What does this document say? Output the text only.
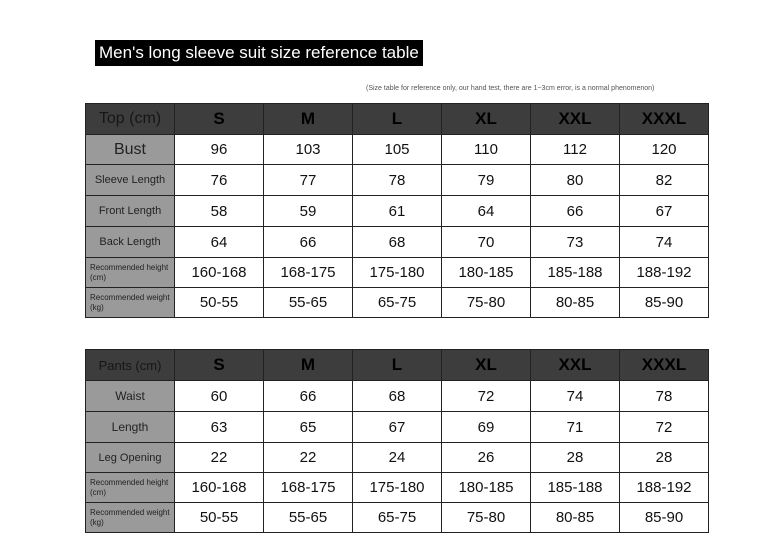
Men's long sleeve suit size reference table
(Size table for reference only, our hand test, there are 1~3cm error, is a normal phenomenon)
Top (cm)	S	M	L	XL	XXL	XXXL
Bust	96	103	105	110	112	120
Sleeve Length	76	77	78	79	80	82
Front Length	58	59	61	64	66	67
Back Length	64	66	68	70	73	74
Recommended height (cm)	160-168	168-175	175-180	180-185	185-188	188-192
Recommended weight (kg)	50-55	55-65	65-75	75-80	80-85	85-90
Pants (cm)	S	M	L	XL	XXL	XXXL
Waist	60	66	68	72	74	78
Length	63	65	67	69	71	72
Leg Opening	22	22	24	26	28	28
Recommended height (cm)	160-168	168-175	175-180	180-185	185-188	188-192
Recommended weight (kg)	50-55	55-65	65-75	75-80	80-85	85-90
